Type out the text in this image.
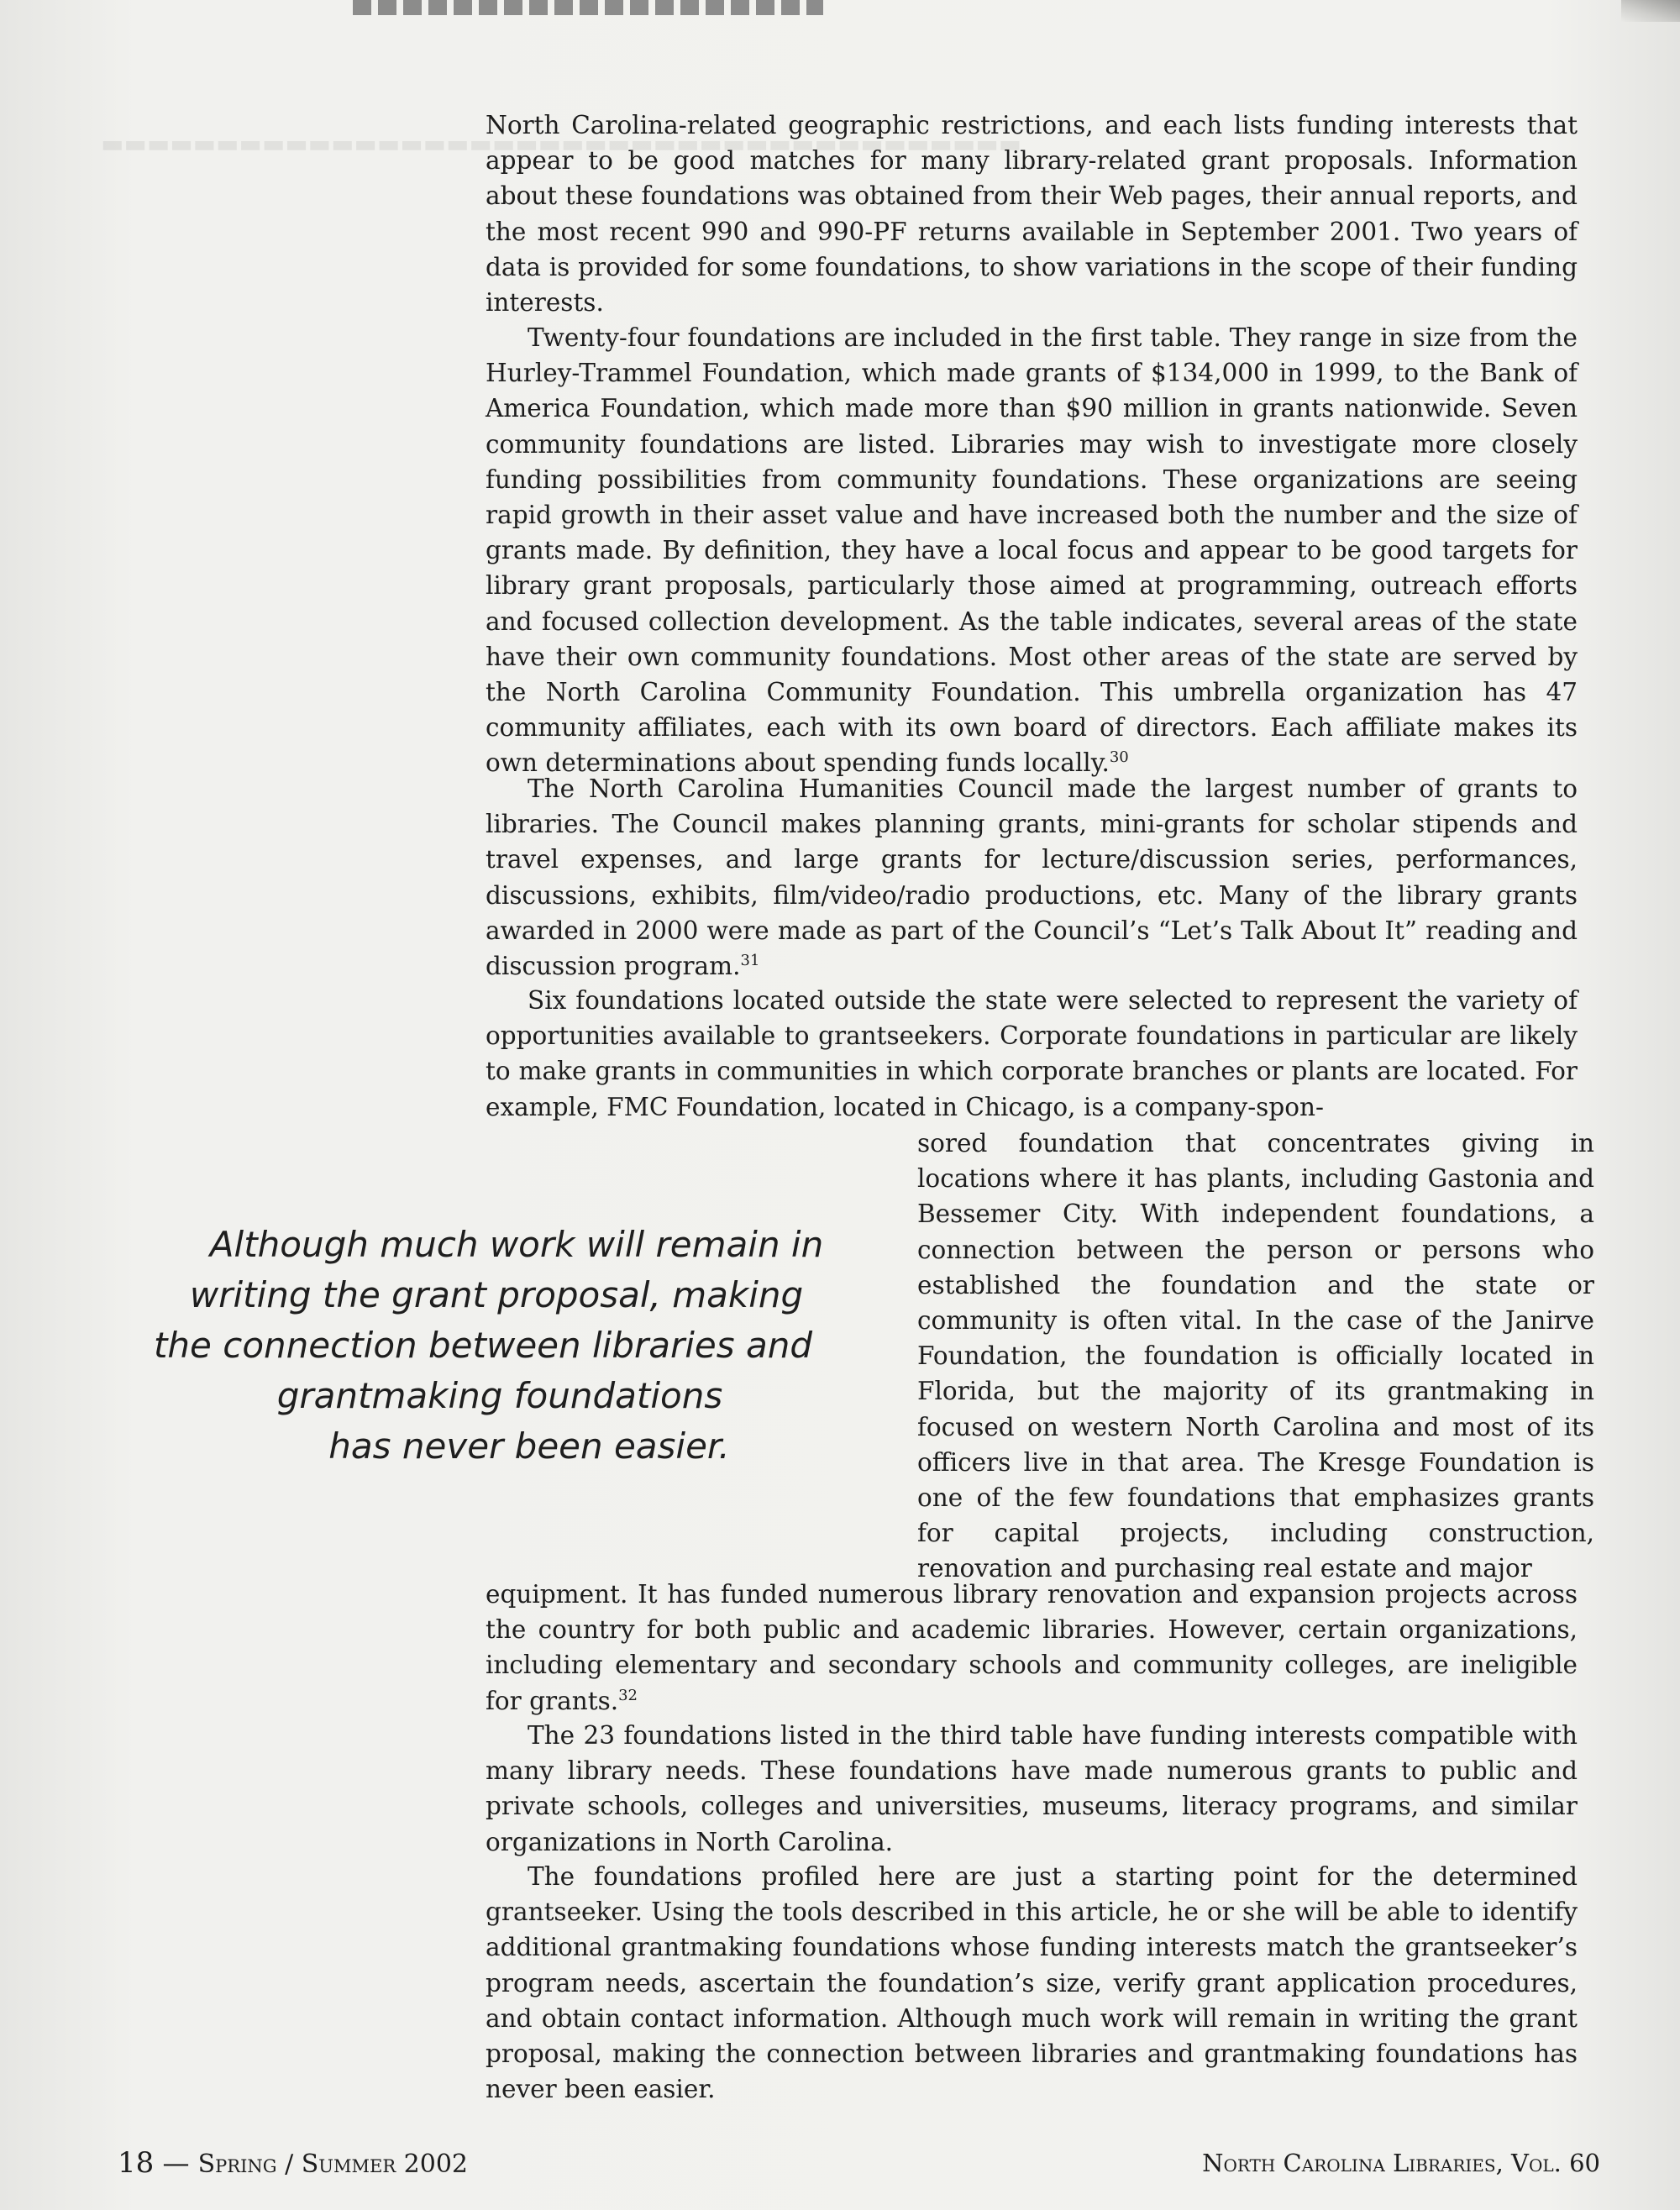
▬▬▬▬▬▬▬▬▬▬▬▬▬▬▬▬▬▬▬▬▬▬▬▬▬▬▬▬▬▬▬▬▬▬▬▬▬▬▬▬

North Carolina-related geographic restrictions, and each lists funding interests that appear to be good matches for many library-related grant proposals. Information about these foundations was obtained from their Web pages, their annual reports, and the most recent 990 and 990-PF returns available in September 2001. Two years of data is provided for some foundations, to show variations in the scope of their funding interests.

Twenty-four foundations are included in the first table. They range in size from the Hurley-Trammel Foundation, which made grants of $134,000 in 1999, to the Bank of America Foundation, which made more than $90 million in grants nationwide. Seven community foundations are listed. Libraries may wish to investigate more closely funding possibilities from community foundations. These organizations are seeing rapid growth in their asset value and have increased both the number and the size of grants made. By definition, they have a local focus and appear to be good targets for library grant proposals, particularly those aimed at programming, outreach efforts and focused collection development. As the table indicates, several areas of the state have their own community foundations. Most other areas of the state are served by the North Carolina Community Foundation. This umbrella organization has 47 community affiliates, each with its own board of directors. Each affiliate makes its own determinations about spending funds locally.$^{30}$

The North Carolina Humanities Council made the largest number of grants to libraries. The Council makes planning grants, mini-grants for scholar stipends and travel expenses, and large grants for lecture/discussion series, performances, discussions, exhibits, film/video/radio productions, etc. Many of the library grants awarded in 2000 were made as part of the Council’s “Let’s Talk About It” reading and discussion program.$^{31}$

Six foundations located outside the state were selected to represent the variety of opportunities available to grantseekers. Corporate foundations in particular are likely to make grants in communities in which corporate branches or plants are located. For example, FMC Foundation, located in Chicago, is a company-spon-

sored foundation that concentrates giving in locations where it has plants, including Gastonia and Bessemer City. With independent foundations, a connection between the person or persons who established the foundation and the state or community is often vital. In the case of the Janirve Foundation, the foundation is officially located in Florida, but the majority of its grantmaking in focused on western North Carolina and most of its officers live in that area. The Kresge Foundation is one of the few foundations that emphasizes grants for capital projects, including construction, renovation and purchasing real estate and major

Although much work will remain in
writing the grant proposal, making
the connection between libraries and
grantmaking foundations
has never been easier.

equipment. It has funded numerous library renovation and expansion projects across the country for both public and academic libraries. However, certain organizations, including elementary and secondary schools and community colleges, are ineligible for grants.$^{32}$

The 23 foundations listed in the third table have funding interests compatible with many library needs. These foundations have made numerous grants to public and private schools, colleges and universities, museums, literacy programs, and similar organizations in North Carolina.

The foundations profiled here are just a starting point for the determined grantseeker. Using the tools described in this article, he or she will be able to identify additional grantmaking foundations whose funding interests match the grantseeker’s program needs, ascertain the foundation’s size, verify grant application procedures, and obtain contact information. Although much work will remain in writing the grant proposal, making the connection between libraries and grantmaking foundations has never been easier.

18 — Spring / Summer 2002	North Carolina Libraries, Vol. 60
